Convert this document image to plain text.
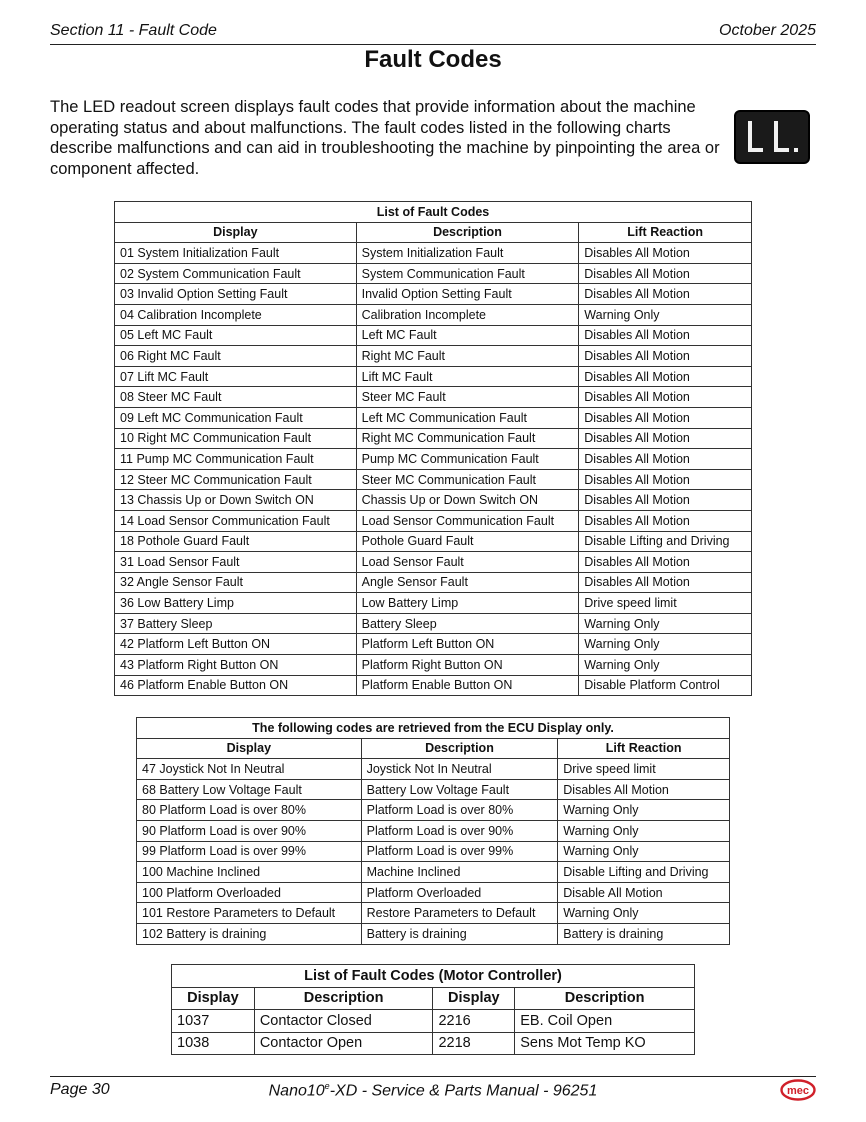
Section 11 - Fault Code	October 2025
Fault Codes
The LED readout screen displays fault codes that provide information about the machine operating status and about malfunctions. The fault codes listed in the following charts describe malfunctions and can aid in troubleshooting the machine by pinpointing the area or component affected.
List of Fault Codes		
Display	Description	Lift Reaction
01 System Initialization Fault	System Initialization Fault	Disables All Motion
02 System Communication Fault	System Communication Fault	Disables All Motion
03 Invalid Option Setting Fault	Invalid Option Setting Fault	Disables All Motion
04 Calibration Incomplete	Calibration Incomplete	Warning Only
05 Left MC Fault	Left MC Fault	Disables All Motion
06 Right MC Fault	Right MC Fault	Disables All Motion
07 Lift MC Fault	Lift MC Fault	Disables All Motion
08 Steer MC Fault	Steer MC Fault	Disables All Motion
09 Left MC Communication Fault	Left MC Communication Fault	Disables All Motion
10 Right MC Communication Fault	Right MC Communication Fault	Disables All Motion
11 Pump MC Communication Fault	Pump MC Communication Fault	Disables All Motion
12 Steer MC Communication Fault	Steer MC Communication Fault	Disables All Motion
13 Chassis Up or Down Switch ON	Chassis Up or Down Switch ON	Disables All Motion
14 Load Sensor Communication Fault	Load Sensor Communication Fault	Disables All Motion
18 Pothole Guard Fault	Pothole Guard Fault	Disable Lifting and Driving
31 Load Sensor Fault	Load Sensor Fault	Disables All Motion
32 Angle Sensor Fault	Angle Sensor Fault	Disables All Motion
36 Low Battery Limp	Low Battery Limp	Drive speed limit
37 Battery Sleep	Battery Sleep	Warning Only
42 Platform Left Button ON	Platform Left Button ON	Warning Only
43 Platform Right Button ON	Platform Right Button ON	Warning Only
46 Platform Enable Button ON	Platform Enable Button ON	Disable Platform Control
The following codes are retrieved from the ECU Display only.		
Display	Description	Lift Reaction
47 Joystick Not In Neutral	Joystick Not In Neutral	Drive speed limit
68 Battery Low Voltage Fault	Battery Low Voltage Fault	Disables All Motion
80 Platform Load is over 80%	Platform Load is over 80%	Warning Only
90 Platform Load is over 90%	Platform Load is over 90%	Warning Only
99 Platform Load is over 99%	Platform Load is over 99%	Warning Only
100 Machine Inclined	Machine Inclined	Disable Lifting and Driving
100 Platform Overloaded	Platform Overloaded	Disable All Motion
101 Restore Parameters to Default	Restore Parameters to Default	Warning Only
102 Battery is draining	Battery is draining	Battery is draining
List of Fault Codes (Motor Controller)			
Display	Description	Display	Description
1037	Contactor Closed	2216	EB. Coil Open
1038	Contactor Open	2218	Sens Mot Temp KO
Page 30	Nano10e-XD - Service & Parts Manual - 96251	mec
